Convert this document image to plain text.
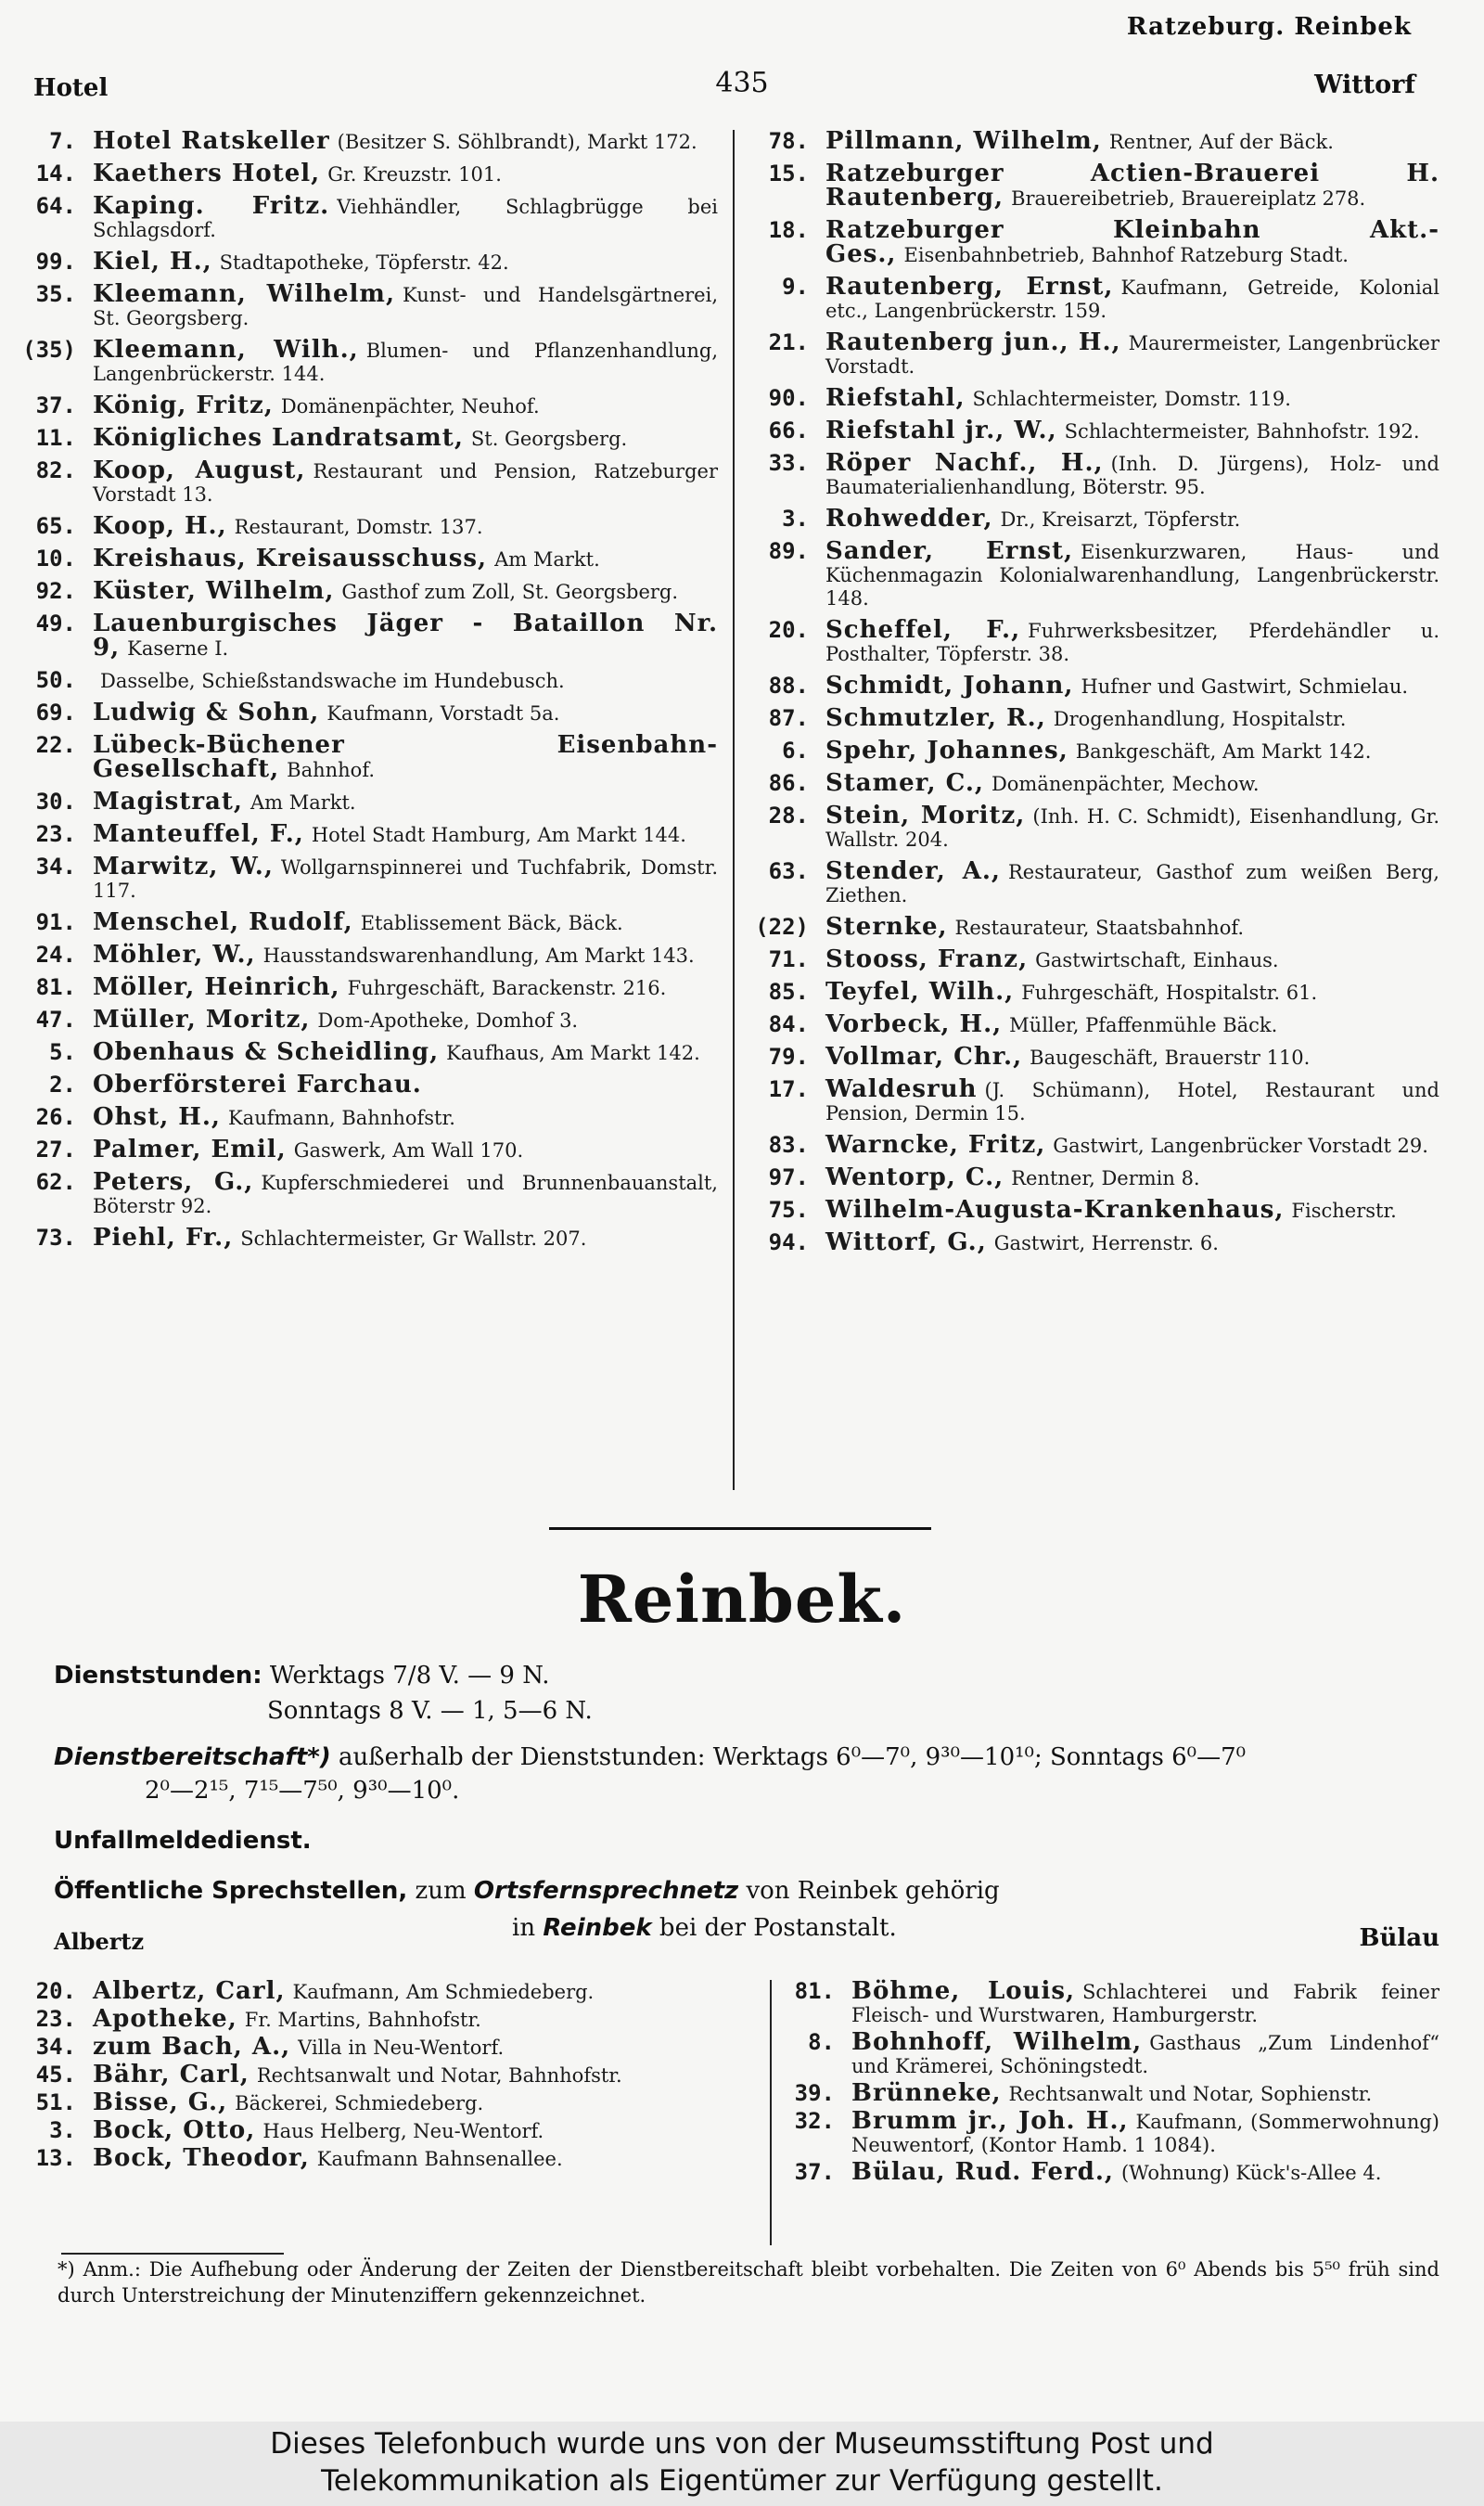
Ratzeburg. Reinbek
Hotel	435	Wittorf
7. Hotel Ratskeller (Besitzer S. Söhlbrandt), Markt 172.
14. Kaethers Hotel, Gr. Kreuzstr. 101.
64. Kaping. Fritz. Viehhändler, Schlagbrügge bei Schlagsdorf.
99. Kiel, H., Stadtapotheke, Töpferstr. 42.
35. Kleemann, Wilhelm, Kunst- und Handelsgärtnerei, St. Georgsberg.
(35) Kleemann, Wilh., Blumen- und Pflanzenhandlung, Langenbrückerstr. 144.
37. König, Fritz, Domänenpächter, Neuhof.
11. Königliches Landratsamt, St. Georgsberg.
82. Koop, August, Restaurant und Pension, Ratzeburger Vorstadt 13.
65. Koop, H., Restaurant, Domstr. 137.
10. Kreishaus, Kreisausschuss, Am Markt.
92. Küster, Wilhelm, Gasthof zum Zoll, St. Georgsberg.
49. Lauenburgisches Jäger - Bataillon Nr. 9, Kaserne I.
50.	Dasselbe, Schießstandswache im Hundebusch.
69. Ludwig & Sohn, Kaufmann, Vorstadt 5a.
22. Lübeck-Büchener Eisenbahn-Gesellschaft, Bahnhof.
30. Magistrat, Am Markt.
23. Manteuffel, F., Hotel Stadt Hamburg, Am Markt 144.
34. Marwitz, W., Wollgarnspinnerei und Tuchfabrik, Domstr. 117.
91. Menschel, Rudolf, Etablissement Bäck, Bäck.
24. Möhler, W., Hausstandswarenhandlung, Am Markt 143.
81. Möller, Heinrich, Fuhrgeschäft, Barackenstr. 216.
47. Müller, Moritz, Dom-Apotheke, Domhof 3.
5. Obenhaus & Scheidling, Kaufhaus, Am Markt 142.
2. Oberförsterei Farchau.
26. Ohst, H., Kaufmann, Bahnhofstr.
27. Palmer, Emil, Gaswerk, Am Wall 170.
62. Peters, G., Kupferschmiederei und Brunnenbauanstalt, Böterstr 92.
73. Piehl, Fr., Schlachtermeister, Gr Wallstr. 207.
78. Pillmann, Wilhelm, Rentner, Auf der Bäck.
15. Ratzeburger Actien-Brauerei H. Rautenberg, Brauereibetrieb, Brauereiplatz 278.
18. Ratzeburger Kleinbahn Akt.-Ges., Eisenbahnbetrieb, Bahnhof Ratzeburg Stadt.
9. Rautenberg, Ernst, Kaufmann, Getreide, Kolonial etc., Langenbrückerstr. 159.
21. Rautenberg jun., H., Maurermeister, Langenbrücker Vorstadt.
90. Riefstahl, Schlachtermeister, Domstr. 119.
66. Riefstahl jr., W., Schlachtermeister, Bahnhofstr. 192.
33. Röper Nachf., H., (Inh. D. Jürgens), Holz- und Baumaterialienhandlung, Böterstr. 95.
3. Rohwedder, Dr., Kreisarzt, Töpferstr.
89. Sander, Ernst, Eisenkurzwaren, Haus- und Küchenmagazin Kolonialwarenhandlung, Langenbrückerstr. 148.
20. Scheffel, F., Fuhrwerksbesitzer, Pferdehändler u. Posthalter, Töpferstr. 38.
88. Schmidt, Johann, Hufner und Gastwirt, Schmielau.
87. Schmutzler, R., Drogenhandlung, Hospitalstr.
6. Spehr, Johannes, Bankgeschäft, Am Markt 142.
86. Stamer, C., Domänenpächter, Mechow.
28. Stein, Moritz, (Inh. H. C. Schmidt), Eisenhandlung, Gr. Wallstr. 204.
63. Stender, A., Restaurateur, Gasthof zum weißen Berg, Ziethen.
(22) Sternke, Restaurateur, Staatsbahnhof.
71. Stooss, Franz, Gastwirtschaft, Einhaus.
85. Teyfel, Wilh., Fuhrgeschäft, Hospitalstr. 61.
84. Vorbeck, H., Müller, Pfaffenmühle Bäck.
79. Vollmar, Chr., Baugeschäft, Brauerstr 110.
17. Waldesruh (J. Schümann), Hotel, Restaurant und Pension, Dermin 15.
83. Warncke, Fritz, Gastwirt, Langenbrücker Vorstadt 29.
97. Wentorp, C., Rentner, Dermin 8.
75. Wilhelm-Augusta-Krankenhaus, Fischerstr.
94. Wittorf, G., Gastwirt, Herrenstr. 6.
Reinbek.
Dienststunden: Werktags 7/8 V. — 9 N.
Sonntags 8 V. — 1, 5—6 N.
Dienstbereitschaft*) außerhalb der Dienststunden: Werktags 6⁰—7⁰, 9³⁰—10¹⁰; Sonntags 6⁰—7⁰
2⁰—2¹⁵, 7¹⁵—7⁵⁰, 9³⁰—10⁰.
Unfallmeldedienst.
Öffentliche Sprechstellen, zum Ortsfernsprechnetz von Reinbek gehörig
in Reinbek bei der Postanstalt.
Albertz	Bülau
20. Albertz, Carl, Kaufmann, Am Schmiedeberg.
23. Apotheke, Fr. Martins, Bahnhofstr.
34. zum Bach, A., Villa in Neu-Wentorf.
45. Bähr, Carl, Rechtsanwalt und Notar, Bahnhofstr.
51. Bisse, G., Bäckerei, Schmiedeberg.
3. Bock, Otto, Haus Helberg, Neu-Wentorf.
13. Bock, Theodor, Kaufmann Bahnsenallee.
81. Böhme, Louis, Schlachterei und Fabrik feiner Fleisch- und Wurstwaren, Hamburgerstr.
8. Bohnhoff, Wilhelm, Gasthaus „Zum Lindenhof“ und Krämerei, Schöningstedt.
39. Brünneke, Rechtsanwalt und Notar, Sophienstr.
32. Brumm jr., Joh. H., Kaufmann, (Sommerwohnung) Neuwentorf, (Kontor Hamb. 1 1084).
37. Bülau, Rud. Ferd., (Wohnung) Kück's-Allee 4.
*) Anm.: Die Aufhebung oder Änderung der Zeiten der Dienstbereitschaft bleibt vorbehalten. Die Zeiten von 6⁰ Abends bis 5⁵⁰ früh sind durch Unterstreichung der Minutenziffern gekennzeichnet.
Dieses Telefonbuch wurde uns von der Museumsstiftung Post und
Telekommunikation als Eigentümer zur Verfügung gestellt.
